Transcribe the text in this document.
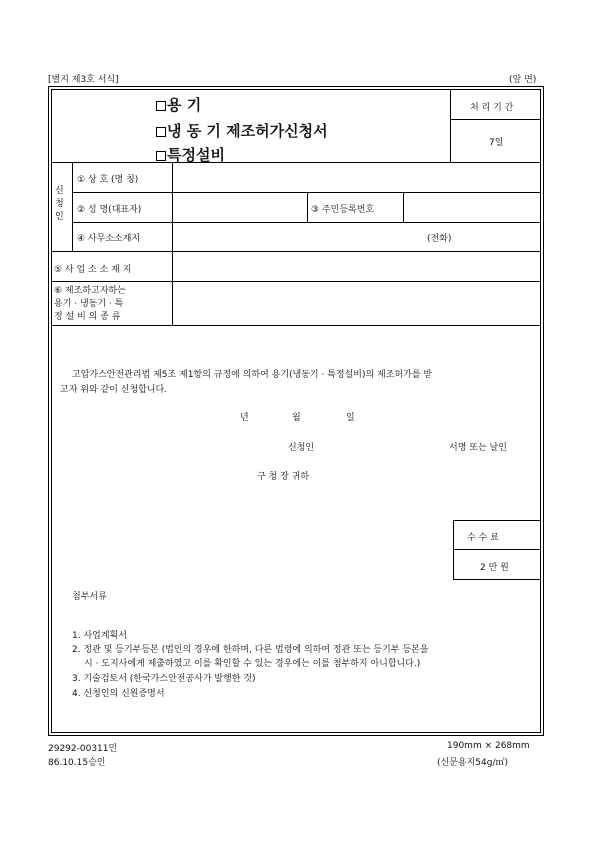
[별지 제3호 서식]	(앞 면)
용 기
냉 동 기 제조허가신청서
특정설비
처 리 기 간
7일
신
청
인
① 상 호 (명 칭)
② 성 명(대표자)	③ 주민등록번호
④ 사무소소재지	(전화)
⑤ 사 업 소 소 재 지
⑥ 제조하고자하는
용기 · 냉동기 · 특
정 설 비 의 종 류
고압가스안전관리법 제5조 제1항의 규정에 의하여 용기(냉동기 · 특정설비)의 제조허가를 받
고자 위와 같이 신청합니다.
년	월	일
신청인	서명 또는 날인
구 청 장 귀하
수 수 료
2 만 원
첨부서류
1. 사업계획서
2. 정관 및 등기부등본 (법인의 경우에 한하며, 다른 법령에 의하여 정관 또는 등기부 등본을
시 · 도지사에게 제출하였고 이를 확인할 수 있는 경우에는 이를 첨부하지 아니합니다.)
3. 기술검토서 (한국가스안전공사가 발행한 것)
4. 신청인의 신원증명서
29292-00311민
86.10.15승인
190mm × 268mm
(신문용지54g/㎡)
